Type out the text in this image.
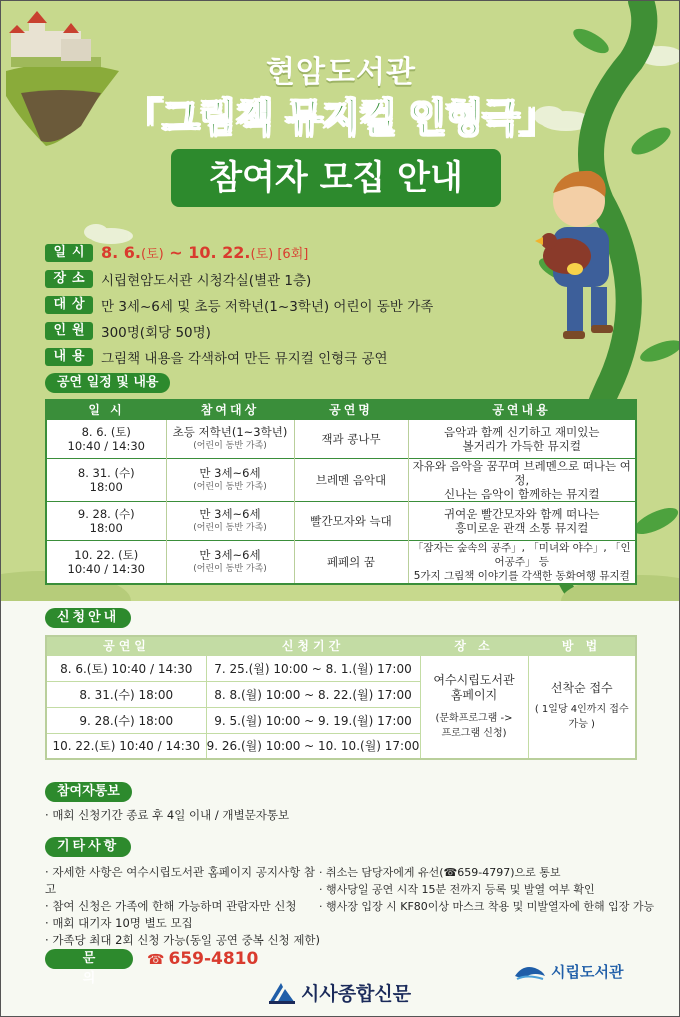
현암도서관
「그림책 뮤지컬 인형극」
참여자 모집 안내
일시 8. 6.(토) ~ 10. 22.(토) [6회]
장소 시립현암도서관 시청각실(별관 1층)
대상 만 3세~6세 및 초등 저학년(1~3학년) 어린이 동반 가족
인원 300명(회당 50명)
내용 그림책 내용을 각색하여 만든 뮤지컬 인형극 공연
공연 일정 및 내용
일 시	참여대상	공연명	공연내용

8. 6. (토)
10:40 / 14:30	초등 저학년(1~3학년)
(어린이 동반 가족)	잭과 콩나무	음악과 함께 신기하고 재미있는
볼거리가 가득한 뮤지컬

8. 31. (수)
18:00	만 3세~6세
(어린이 동반 가족)	브레멘 음악대	자유와 음악을 꿈꾸며 브레멘으로 떠나는 여정,
신나는 음악이 함께하는 뮤지컬

9. 28. (수)
18:00	만 3세~6세
(어린이 동반 가족)	빨간모자와 늑대	귀여운 빨간모자와 함께 떠나는
흥미로운 관객 소통 뮤지컬

10. 22. (토)
10:40 / 14:30	만 3세~6세
(어린이 동반 가족)	페페의 꿈	「잠자는 숲속의 공주」, 「미녀와 야수」, 「인어공주」 등
5가지 그림책 이야기를 각색한 동화여행 뮤지컬
신청안내
공연일	신청기간	장 소	방 법
8. 6.(토) 10:40 / 14:30	7. 25.(월) 10:00 ~ 8. 1.(월) 17:00	여수시립도서관
홈페이지
(문화프로그램 ->
프로그램 신청)	선착순 접수
( 1일당 4인까지 접수 가능 )

8. 31.(수) 18:00	8. 8.(월) 10:00 ~ 8. 22.(월) 17:00		
9. 28.(수) 18:00	9. 5.(월) 10:00 ~ 9. 19.(월) 17:00		
10. 22.(토) 10:40 / 14:30	9. 26.(월) 10:00 ~ 10. 10.(월) 17:00		
참여자통보
· 매회 신청기간 종료 후 4일 이내 / 개별문자통보
기타사항
· 자세한 사항은 여수시립도서관 홈페이지 공지사항 참고
· 참여 신청은 가족에 한해 가능하며 관람자만 신청
· 매회 대기자 10명 별도 모집
· 가족당 최대 2회 신청 가능(동일 공연 중복 신청 제한)
· 취소는 담당자에게 유선(☎659-4797)으로 통보
· 행사당일 공연 시작 15분 전까지 등록 및 발열 여부 확인
· 행사장 입장 시 KF80이상 마스크 착용 및 미발열자에 한해 입장 가능
문의
☎ 659-4810
시사종합신문
시립도서관
